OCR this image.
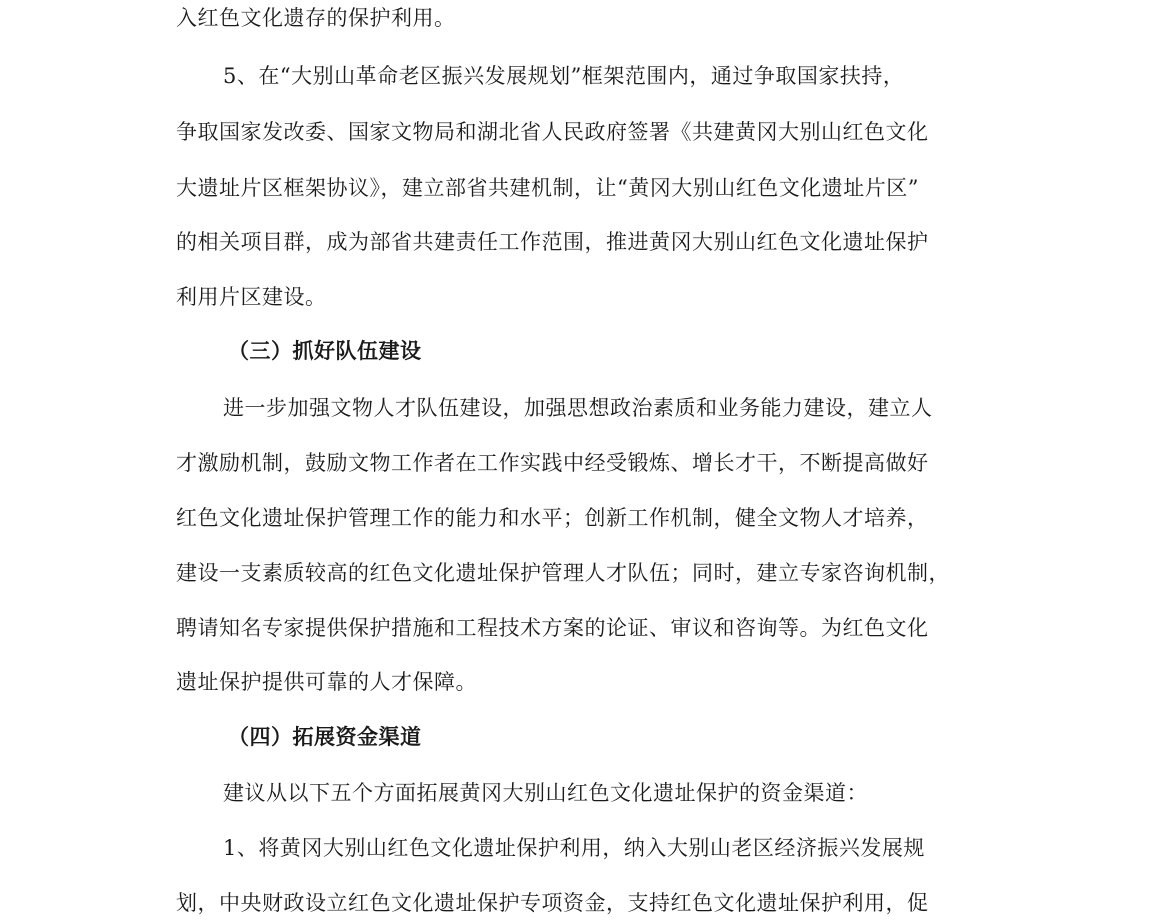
入红色文化遗存的保护利用。
5、在“大别山革命老区振兴发展规划”框架范围内，通过争取国家扶持，
争取国家发改委、国家文物局和湖北省人民政府签署《共建黄冈大别山红色文化
大遗址片区框架协议》，建立部省共建机制，让“黄冈大别山红色文化遗址片区”
的相关项目群，成为部省共建责任工作范围，推进黄冈大别山红色文化遗址保护
利用片区建设。
（三）抓好队伍建设
进一步加强文物人才队伍建设，加强思想政治素质和业务能力建设，建立人
才激励机制，鼓励文物工作者在工作实践中经受锻炼、增长才干，不断提高做好
红色文化遗址保护管理工作的能力和水平；创新工作机制，健全文物人才培养，
建设一支素质较高的红色文化遗址保护管理人才队伍；同时，建立专家咨询机制，
聘请知名专家提供保护措施和工程技术方案的论证、审议和咨询等。为红色文化
遗址保护提供可靠的人才保障。
（四）拓展资金渠道
建议从以下五个方面拓展黄冈大别山红色文化遗址保护的资金渠道：
1、将黄冈大别山红色文化遗址保护利用，纳入大别山老区经济振兴发展规
划，中央财政设立红色文化遗址保护专项资金，支持红色文化遗址保护利用，促
